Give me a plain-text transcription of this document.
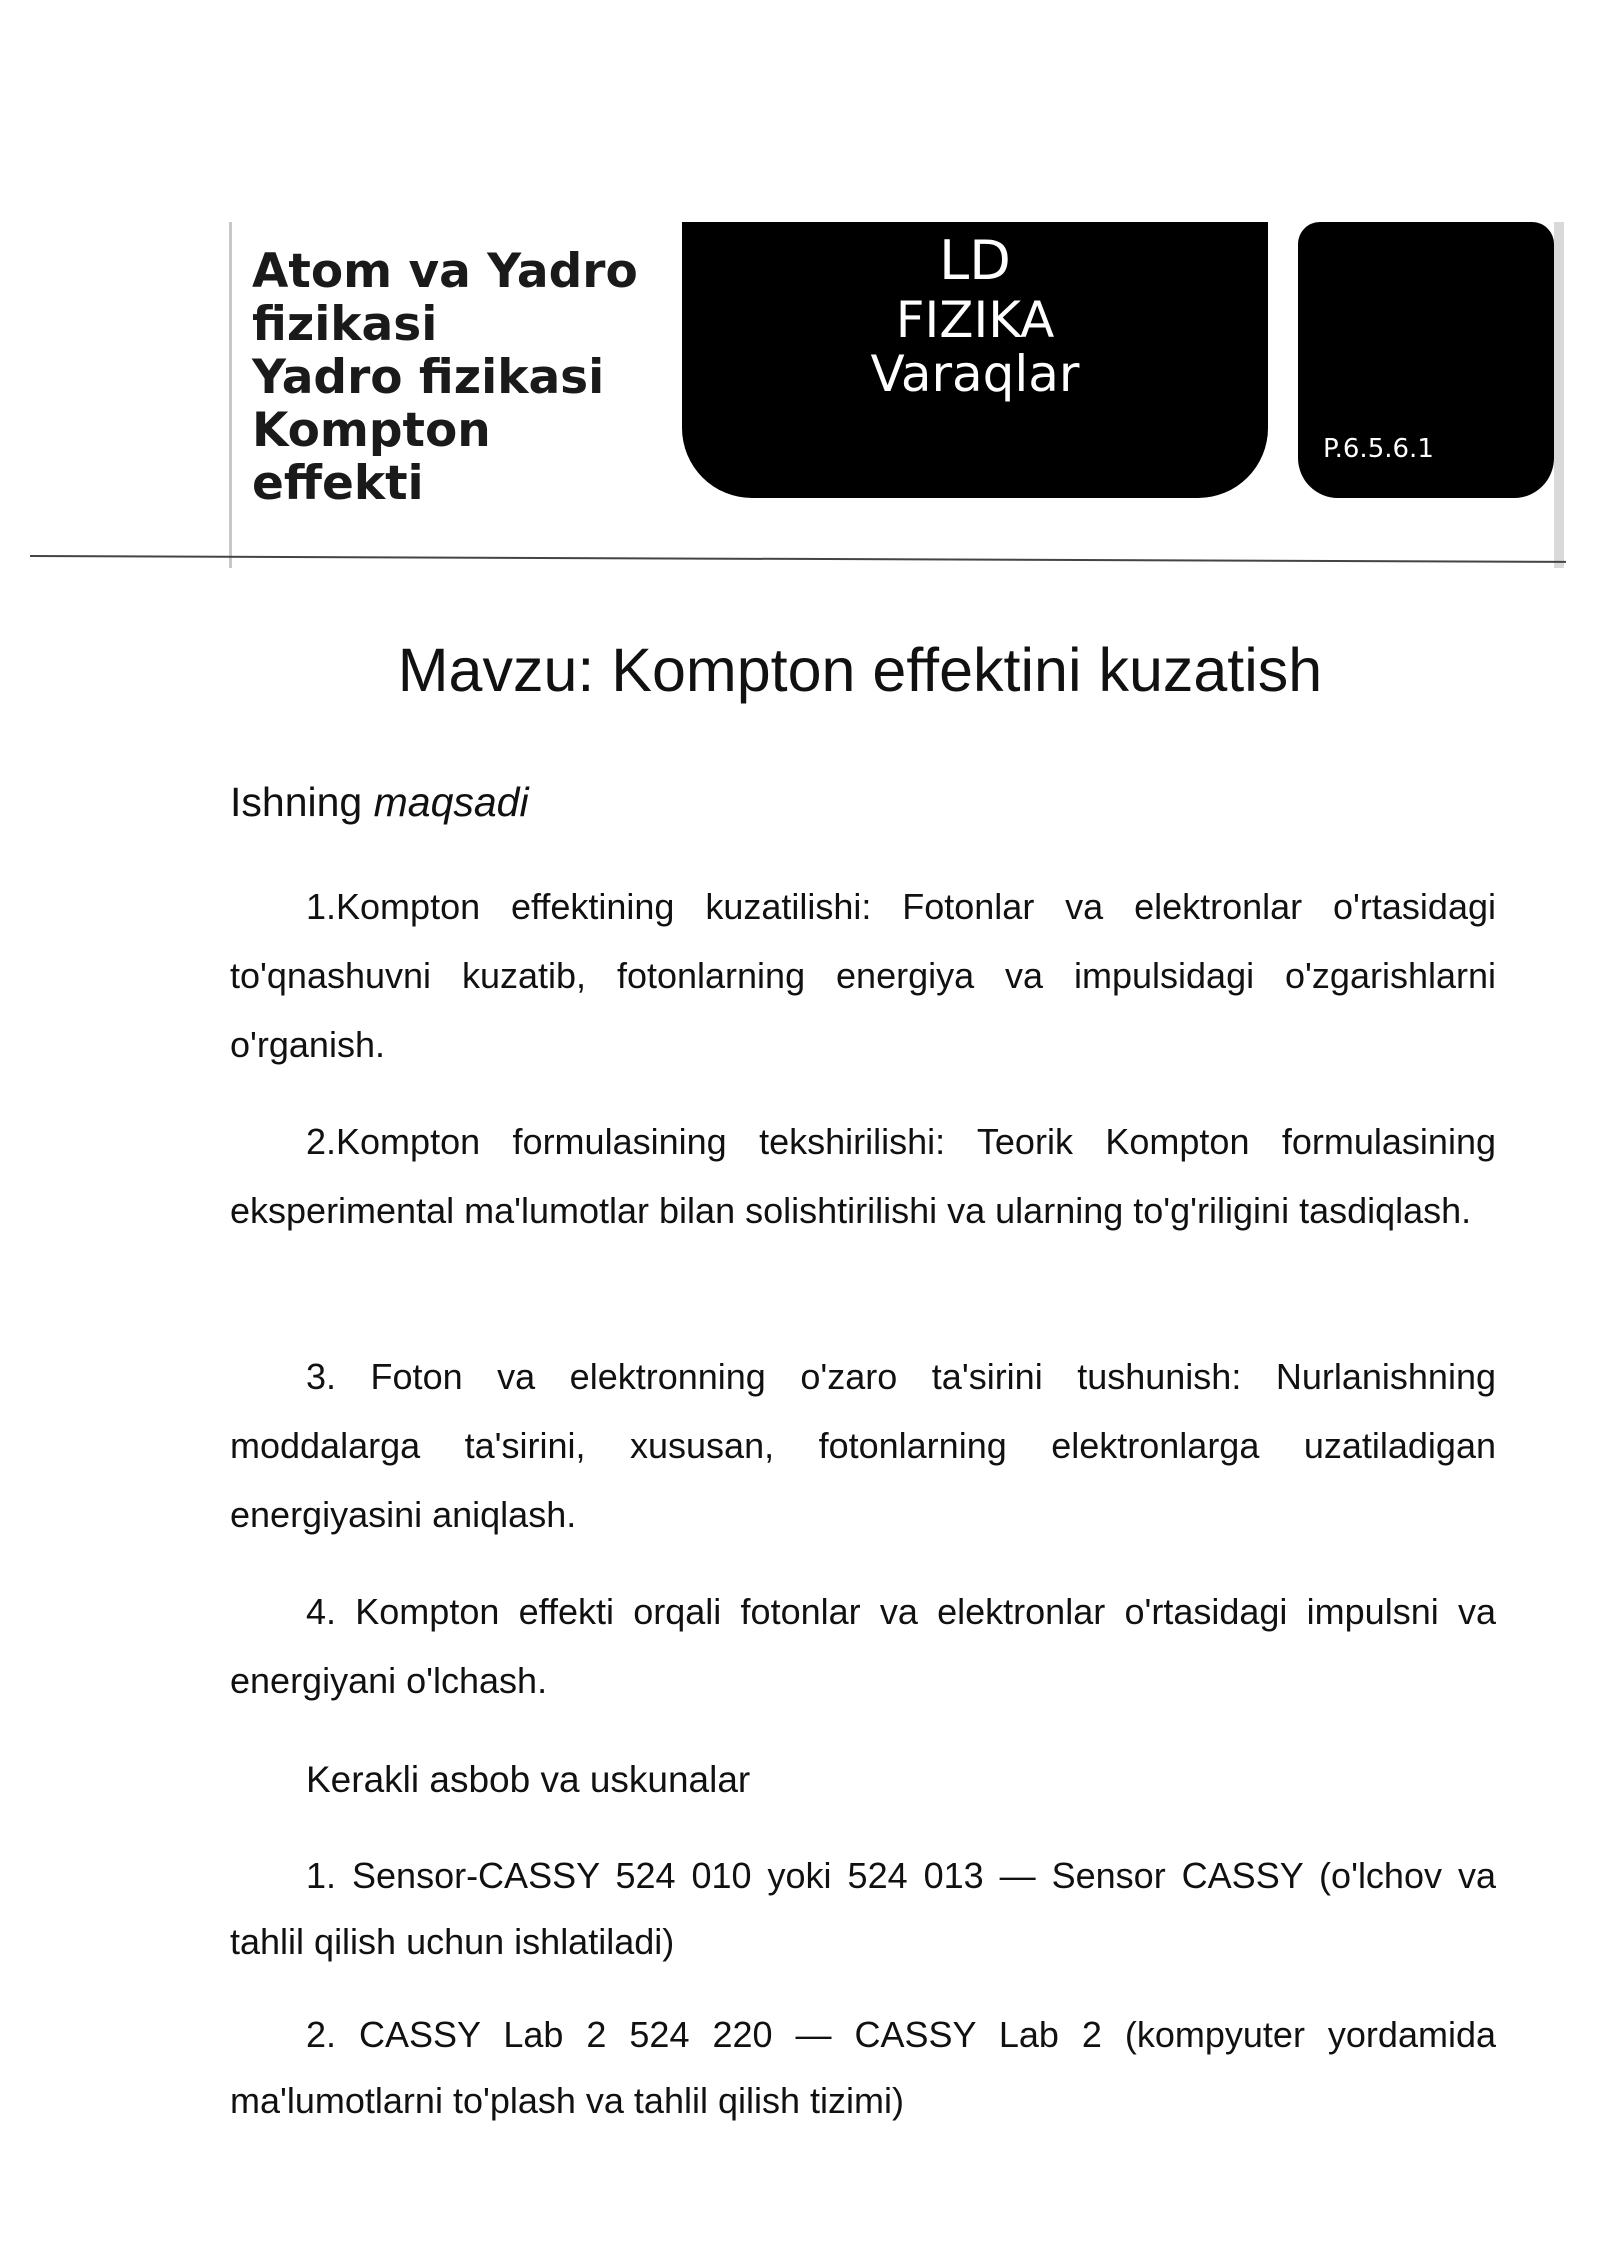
Atom va Yadro
fizikasi
Yadro fizikasi
Kompton
effekti
LD
FIZIKA
Varaqlar
P.6.5.6.1
Mavzu: Kompton effektini kuzatish
Ishning maqsadi

1.Kompton effektining kuzatilishi: Fotonlar va elektronlar o'rtasidagi to'qnashuvni kuzatib, fotonlarning energiya va impulsidagi o'zgarishlarni o'rganish.

2.Kompton formulasining tekshirilishi: Teorik Kompton formulasining eksperimental ma'lumotlar bilan solishtirilishi va ularning to'g'riligini tasdiqlash.

3. Foton va elektronning o'zaro ta'sirini tushunish: Nurlanishning moddalarga ta'sirini, xususan, fotonlarning elektronlarga uzatiladigan energiyasini aniqlash.

4. Kompton effekti orqali fotonlar va elektronlar o'rtasidagi impulsni va energiyani o'lchash.

Kerakli asbob va uskunalar

1. Sensor-CASSY 524 010 yoki 524 013 — Sensor CASSY (o'lchov va tahlil qilish uchun ishlatiladi)

2. CASSY Lab 2 524 220 — CASSY Lab 2 (kompyuter yordamida ma'lumotlarni to'plash va tahlil qilish tizimi)
